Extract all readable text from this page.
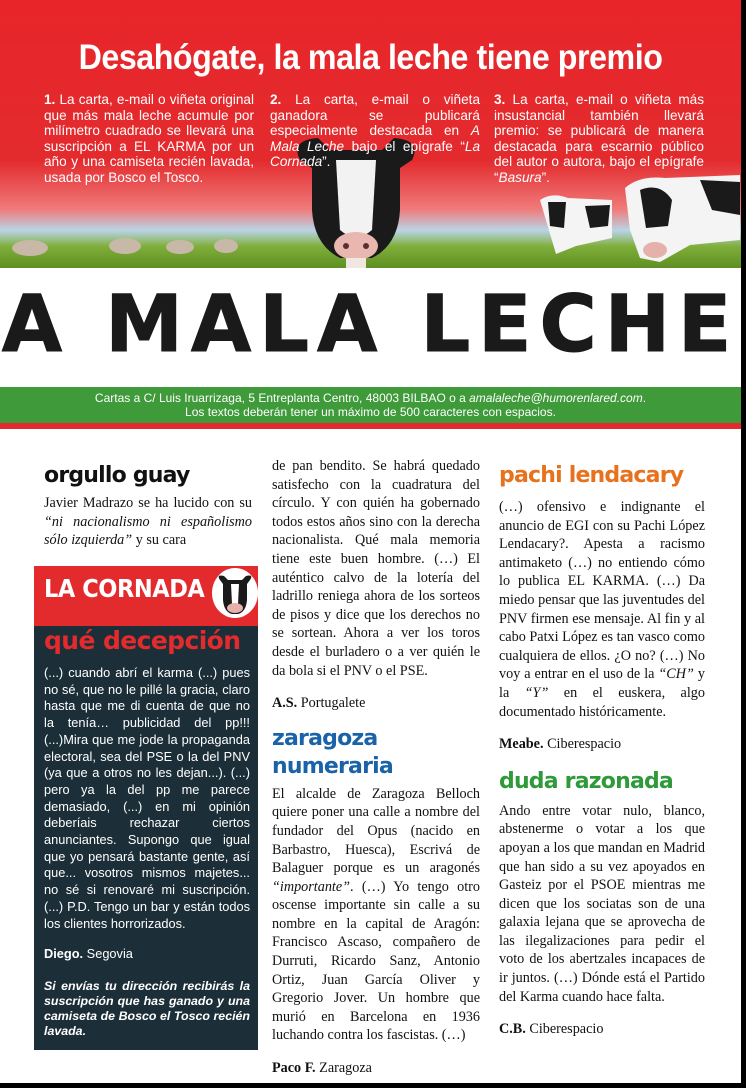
Desahógate, la mala leche tiene premio
1. La carta, e-mail o viñeta original que más mala leche acumule por milímetro cuadrado se llevará una suscripción a EL KARMA por un año y una camiseta recién lavada, usada por Bosco el Tosco.
2. La carta, e-mail o viñeta ganadora se publicará especialmente destacada en A Mala Leche bajo el epígrafe “La Cornada”.
3. La carta, e-mail o viñeta más insustancial también llevará premio: se publicará de manera destacada para escarnio público del autor o autora, bajo el epígrafe “Basura”.
A MALA LECHE
Cartas a C/ Luis Iruarrizaga, 5 Entreplanta Centro, 48003 BILBAO o a amalaleche@humorenlared.com.
Los textos deberán tener un máximo de 500 caracteres con espacios.
orgullo guay

Javier Madrazo se ha lucido con su “ni nacionalismo ni españolismo sólo izquierda” y su cara

LA CORNADA
qué decepción

(...) cuando abrí el karma (...) pues no sé, que no le pillé la gracia, claro hasta que me di cuenta de que no la tenía… publicidad del pp!!! (...)Mira que me jode la propaganda electoral, sea del PSE o la del PNV (ya que a otros no les dejan...). (...) pero ya la del pp me parece demasiado, (...) en mi opinión deberíais rechazar ciertos anunciantes. Supongo que igual que yo pensará bastante gente, así que... vosotros mismos majetes... no sé si renovaré mi suscripción. (...) P.D. Tengo un bar y están todos los clientes horrorizados.

Diego. Segovia

Si envías tu dirección recibirás la suscripción que has ganado y una camiseta de Bosco el Tosco recién lavada.

de pan bendito. Se habrá quedado satisfecho con la cuadratura del círculo. Y con quién ha gobernado todos estos años sino con la derecha nacionalista. Qué mala memoria tiene este buen hombre. (…) El auténtico calvo de la lotería del ladrillo reniega ahora de los sorteos de pisos y dice que los derechos no se sortean. Ahora a ver los toros desde el burladero o a ver quién le da bola si el PNV o el PSE.

A.S. Portugalete

zaragoza numeraria

El alcalde de Zaragoza Belloch quiere poner una calle a nombre del fundador del Opus (nacido en Barbastro, Huesca), Escrivá de Balaguer porque es un aragonés “importante”. (…) Yo tengo otro oscense importante sin calle a su nombre en la capital de Aragón: Francisco Ascaso, compañero de Durruti, Ricardo Sanz, Antonio Ortiz, Juan García Oliver y Gregorio Jover. Un hombre que murió en Barcelona en 1936 luchando contra los fascistas. (…)

Paco F. Zaragoza

pachi lendacary

(…) ofensivo e indignante el anuncio de EGI con su Pachi López Lendacary?. Apesta a racismo antimaketo (…) no entiendo cómo lo publica EL KARMA. (…) Da miedo pensar que las juventudes del PNV firmen ese mensaje. Al fin y al cabo Patxi López es tan vasco como cualquiera de ellos. ¿O no? (…) No voy a entrar en el uso de la “CH” y la “Y” en el euskera, algo documentado históricamente.

Meabe. Ciberespacio

duda razonada

Ando entre votar nulo, blanco, abstenerme o votar a los que apoyan a los que mandan en Madrid que han sido a su vez apoyados en Gasteiz por el PSOE mientras me dicen que los sociatas son de una galaxia lejana que se aprovecha de las ilegalizaciones para pedir el voto de los abertzales incapaces de ir juntos. (…) Dónde está el Partido del Karma cuando hace falta.

C.B. Ciberespacio
